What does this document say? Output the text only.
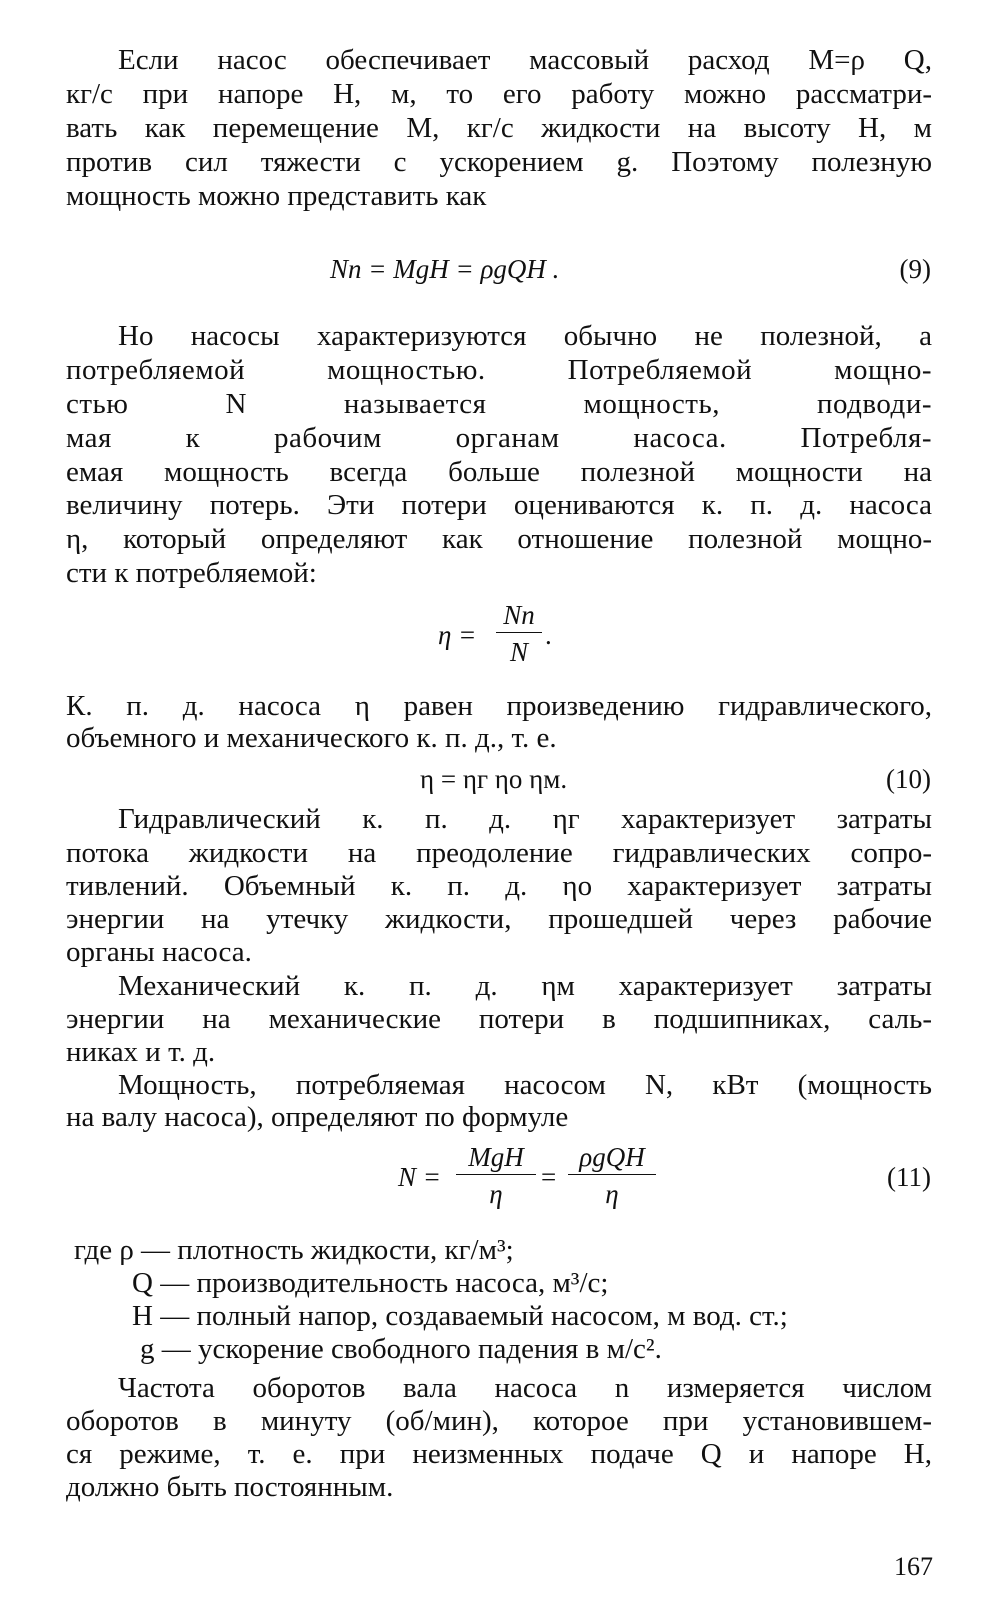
Если насос обеспечивает массовый расход M=ρ Q,
кг/с при напоре H, м, то его работу можно рассматри-
вать как перемещение M, кг/с жидкости на высоту H, м
против сил тяжести с ускорением g. Поэтому полезную
мощность можно представить как
Nп = MgH = ρgQH .	(9)
Но насосы характеризуются обычно не полезной, а
потребляемой мощностью. Потребляемой мощно-
стью N называется мощность, подводи-
мая к рабочим органам насоса. Потребля-
емая мощность всегда больше полезной мощности на
величину потерь. Эти потери оцениваются к. п. д. насоса
η, который определяют как отношение полезной мощно-
сти к потребляемой:
η =
Nп
N
.
К. п. д. насоса η равен произведению гидравлического,
объемного и механического к. п. д., т. е.
η = ηг ηо ηм.	(10)
Гидравлический к. п. д. ηг характеризует затраты
потока жидкости на преодоление гидравлических сопро-
тивлений. Объемный к. п. д. ηо характеризует затраты
энергии на утечку жидкости, прошедшей через рабочие
органы насоса.
Механический к. п. д. ηм характеризует затраты
энергии на механические потери в подшипниках, саль-
никах и т. д.
Мощность, потребляемая насосом N, кВт (мощность
на валу насоса), определяют по формуле
N =
MgH
η
=
ρgQH
η
(11)
где ρ — плотность жидкости, кг/м³;
Q — производительность насоса, м³/с;
H — полный напор, создаваемый насосом, м вод. ст.;
g — ускорение свободного падения в м/с².
Частота оборотов вала насоса n измеряется числом
оборотов в минуту (об/мин), которое при установившем-
ся режиме, т. е. при неизменных подаче Q и напоре H,
должно быть постоянным.
167
